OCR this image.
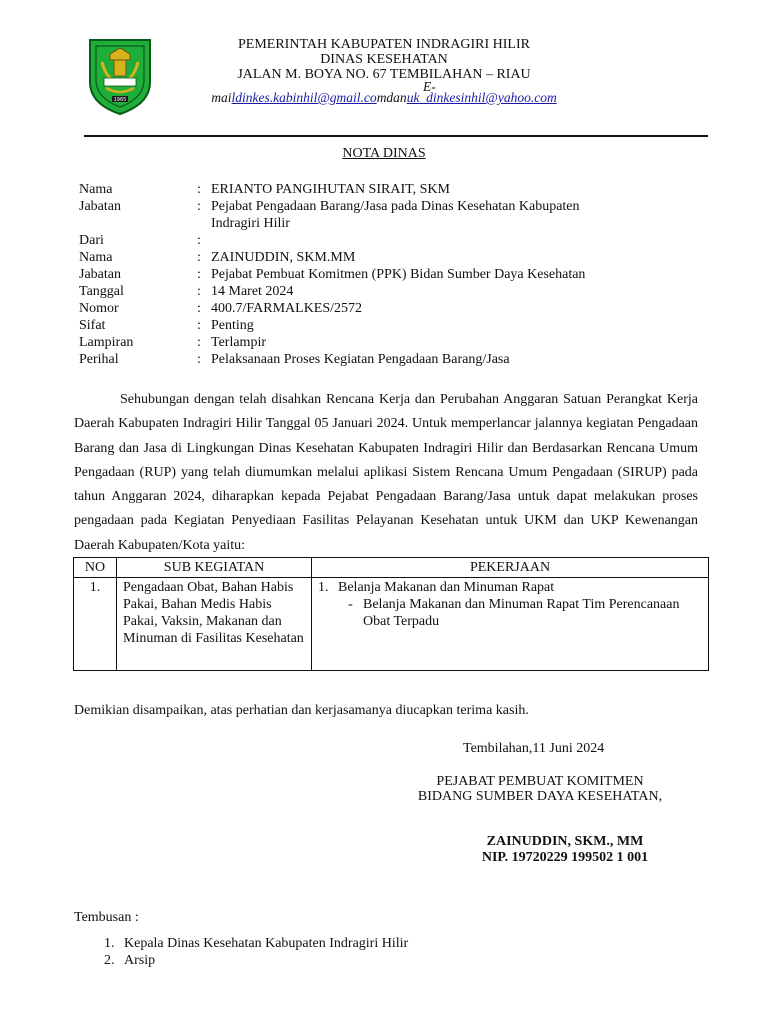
1965
PEMERINTAH KABUPATEN INDRAGIRI HILIR
DINAS KESEHATAN
JALAN M. BOYA NO. 67 TEMBILAHAN – RIAU
E-
maildinkes.kabinhil@gmail.comdanuk_dinkesinhil@yahoo.com
NOTA DINAS
Nama	: ERIANTO PANGIHUTAN SIRAIT, SKM
Jabatan	: Pejabat Pengadaan Barang/Jasa pada Dinas Kesehatan Kabupaten
Indragiri Hilir
Dari	:
Nama	: ZAINUDDIN, SKM.MM
Jabatan	: Pejabat Pembuat Komitmen (PPK) Bidan Sumber Daya Kesehatan
Tanggal	: 14 Maret 2024
Nomor	: 400.7/FARMALKES/2572
Sifat	: Penting
Lampiran	: Terlampir
Perihal	: Pelaksanaan Proses Kegiatan Pengadaan Barang/Jasa
Sehubungan dengan telah disahkan Rencana Kerja dan Perubahan Anggaran Satuan Perangkat Kerja Daerah Kabupaten Indragiri Hilir Tanggal 05 Januari 2024. Untuk memperlancar jalannya kegiatan Pengadaan Barang dan Jasa di Lingkungan Dinas Kesehatan Kabupaten Indragiri Hilir dan Berdasarkan Rencana Umum Pengadaan (RUP) yang telah diumumkan melalui aplikasi Sistem Rencana Umum Pengadaan (SIRUP) pada tahun Anggaran 2024, diharapkan kepada Pejabat Pengadaan Barang/Jasa untuk dapat melakukan proses pengadaan pada Kegiatan Penyediaan Fasilitas Pelayanan Kesehatan untuk UKM dan UKP Kewenangan Daerah Kabupaten/Kota yaitu:
NO	SUB KEGIATAN	PEKERJAAN
1.	Pengadaan Obat, Bahan Habis Pakai, Bahan Medis Habis Pakai, Vaksin, Makanan dan Minuman di Fasilitas Kesehatan	1. Belanja Makanan dan Minuman Rapat
- Belanja Makanan dan Minuman Rapat Tim Perencanaan Obat Terpadu
Demikian disampaikan, atas perhatian dan kerjasamanya diucapkan terima kasih.
Tembilahan,11 Juni 2024
PEJABAT PEMBUAT KOMITMEN
BIDANG SUMBER DAYA KESEHATAN,
ZAINUDDIN, SKM., MM
NIP. 19720229 199502 1 001
Tembusan :
1. Kepala Dinas Kesehatan Kabupaten Indragiri Hilir
2. Arsip
